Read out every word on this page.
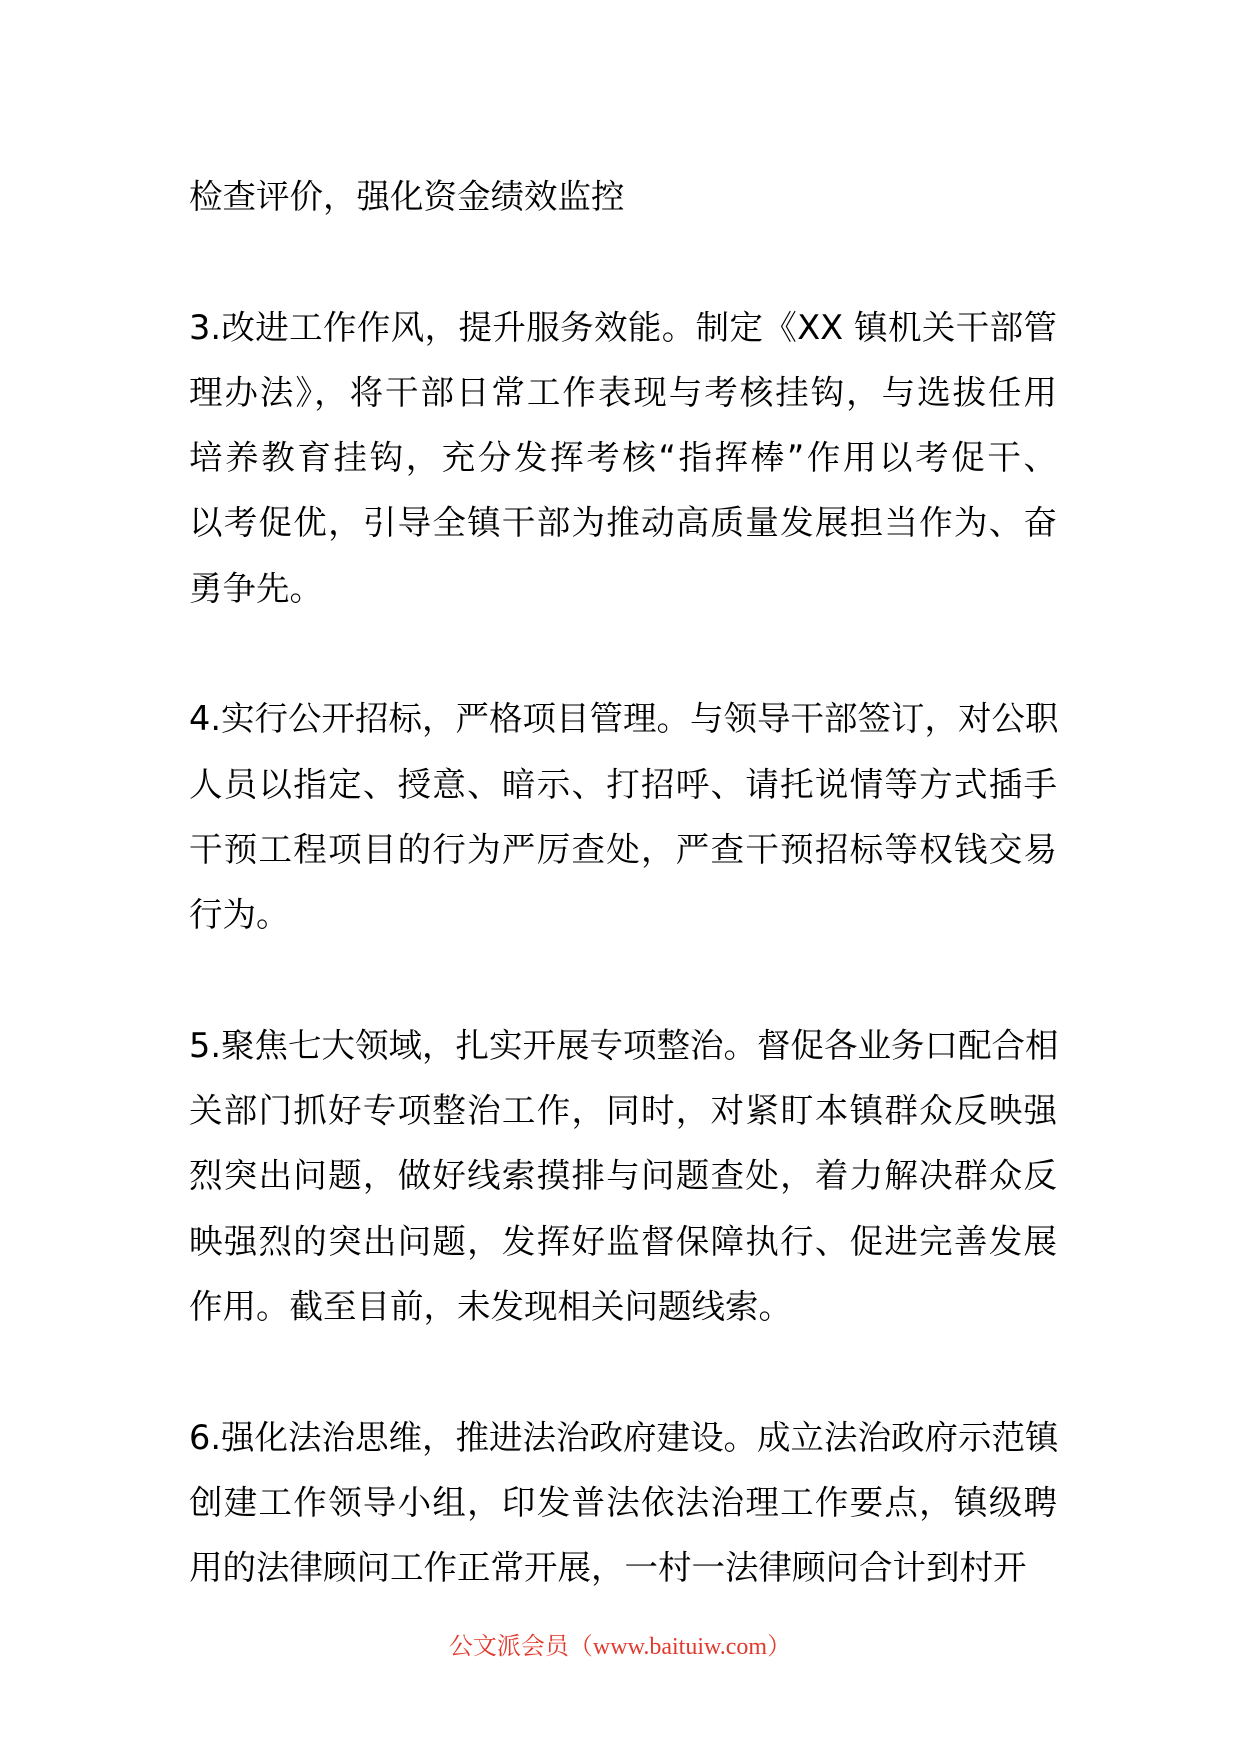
检查评价，强化资金绩效监控
3.改进工作作风，提升服务效能。制定《XX 镇机关干部管
理办法》，将干部日常工作表现与考核挂钩，与选拔任用
培养教育挂钩，充分发挥考核“指挥棒”作用以考促干、
以考促优，引导全镇干部为推动高质量发展担当作为、奋
勇争先。
4.实行公开招标，严格项目管理。与领导干部签订，对公职
人员以指定、授意、暗示、打招呼、请托说情等方式插手
干预工程项目的行为严厉查处，严查干预招标等权钱交易
行为。
5.聚焦七大领域，扎实开展专项整治。督促各业务口配合相
关部门抓好专项整治工作，同时，对紧盯本镇群众反映强
烈突出问题，做好线索摸排与问题查处，着力解决群众反
映强烈的突出问题，发挥好监督保障执行、促进完善发展
作用。截至目前，未发现相关问题线索。
6.强化法治思维，推进法治政府建设。成立法治政府示范镇
创建工作领导小组，印发普法依法治理工作要点，镇级聘
用的法律顾问工作正常开展，一村一法律顾问合计到村开
公文派会员（www.baituiw.com）
